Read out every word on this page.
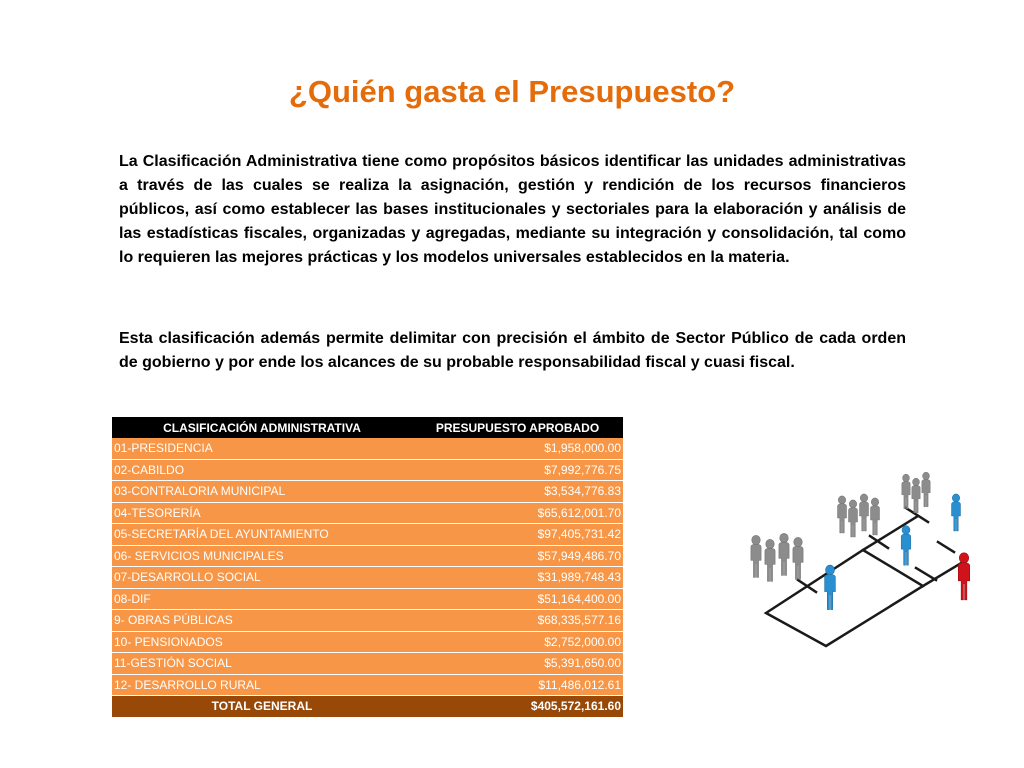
¿Quién gasta el Presupuesto?

La Clasificación Administrativa tiene como propósitos básicos identificar las unidades administrativas a través de las cuales se realiza la asignación, gestión y rendición de los recursos financieros públicos, así como establecer las bases institucionales y sectoriales para la elaboración y análisis de las estadísticas fiscales, organizadas y agregadas, mediante su integración y consolidación, tal como lo requieren las mejores prácticas y los modelos universales establecidos en la materia.

Esta clasificación además permite delimitar con precisión el ámbito de Sector Público de cada orden de gobierno y por ende los alcances de su probable responsabilidad fiscal y cuasi fiscal.

CLASIFICACIÓN ADMINISTRATIVA	PRESUPUESTO APROBADO
01-PRESIDENCIA	$1,958,000.00
02-CABILDO	$7,992,776.75
03-CONTRALORIA MUNICIPAL	$3,534,776.83
04-TESORERÍA	$65,612,001.70
05-SECRETARÍA DEL AYUNTAMIENTO	$97,405,731.42
06- SERVICIOS MUNICIPALES	$57,949,486.70
07-DESARROLLO SOCIAL	$31,989,748.43
08-DIF	$51,164,400.00
9- OBRAS PÚBLICAS	$68,335,577.16
10- PENSIONADOS	$2,752,000.00
11-GESTIÓN SOCIAL	$5,391,650.00
12- DESARROLLO RURAL	$11,486,012.61
TOTAL GENERAL	$405,572,161.60
